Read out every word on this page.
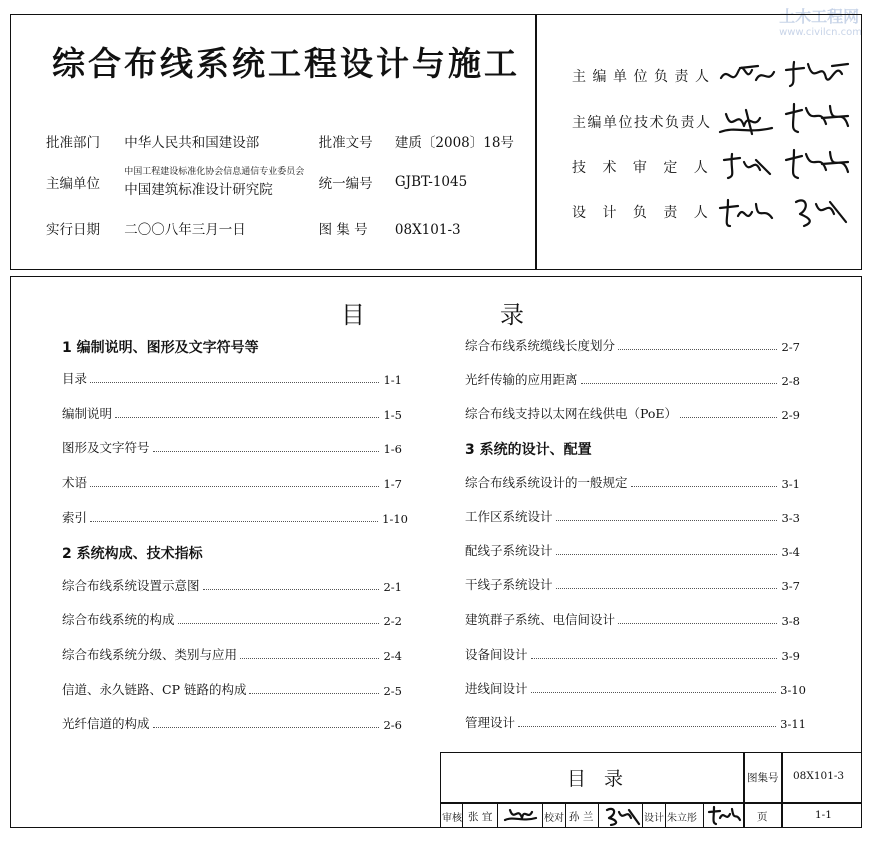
土木工程网
www.civilcn.com
综合布线系统工程设计与施工
批准部门 中华人民共和国建设部	批准文号 建质〔2008〕18号
主编单位
中国工程建设标准化协会信息通信专业委员会
中国建筑标准设计研究院	统一编号 GJBT-1045
实行日期 二〇〇八年三月一日	图 集 号 08X101-3
主编单位负责人
主编单位技术负责人
技 术 审 定 人
设 计 负 责 人
目	录
1 编制说明、图形及文字符号等
2 系统构成、技术指标
3 系统的设计、配置
目录	1-1
编制说明	1-5
图形及文字符号	1-6
术语	1-7
索引	1-10
综合布线系统设置示意图	2-1
综合布线系统的构成	2-2
综合布线系统分级、类别与应用	2-4
信道、永久链路、CP 链路的构成	2-5
光纤信道的构成	2-6
综合布线系统缆线长度划分	2-7
光纤传输的应用距离	2-8
综合布线支持以太网在线供电（PoE）	2-9
综合布线系统设计的一般规定	3-1
工作区系统设计	3-3
配线子系统设计	3-4
干线子系统设计	3-7
建筑群子系统、电信间设计	3-8
设备间设计	3-9
进线间设计	3-10
管理设计	3-11
目 录	图集号 08X101-3
审核 张 宜	校对 孙 兰	设计 朱立彤	页	1-1
